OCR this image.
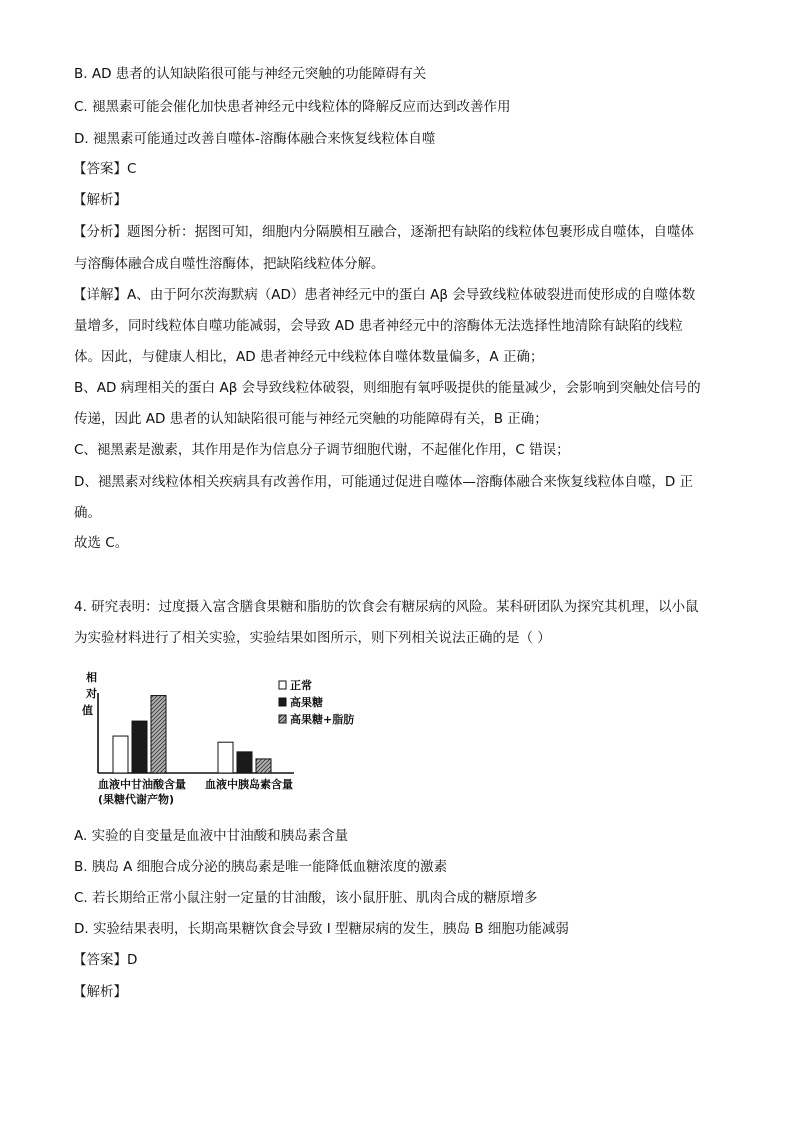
B. AD 患者的认知缺陷很可能与神经元突触的功能障碍有关
C. 褪黑素可能会催化加快患者神经元中线粒体的降解反应而达到改善作用
D. 褪黑素可能通过改善自噬体-溶酶体融合来恢复线粒体自噬
【答案】C
【解析】
【分析】题图分析：据图可知，细胞内分隔膜相互融合，逐渐把有缺陷的线粒体包裹形成自噬体，自噬体
与溶酶体融合成自噬性溶酶体，把缺陷线粒体分解。
【详解】A、由于阿尔茨海默病（AD）患者神经元中的蛋白 Aβ 会导致线粒体破裂进而使形成的自噬体数
量增多，同时线粒体自噬功能减弱，会导致 AD 患者神经元中的溶酶体无法选择性地清除有缺陷的线粒
体。因此，与健康人相比，AD 患者神经元中线粒体自噬体数量偏多，A 正确；
B、AD 病理相关的蛋白 Aβ 会导致线粒体破裂，则细胞有氧呼吸提供的能量减少，会影响到突触处信号的
传递，因此 AD 患者的认知缺陷很可能与神经元突触的功能障碍有关，B 正确；
C、褪黑素是激素，其作用是作为信息分子调节细胞代谢，不起催化作用，C 错误；
D、褪黑素对线粒体相关疾病具有改善作用，可能通过促进自噬体—溶酶体融合来恢复线粒体自噬，D 正
确。
故选 C。
4. 研究表明：过度摄入富含膳食果糖和脂肪的饮食会有糖尿病的风险。某科研团队为探究其机理，以小鼠
为实验材料进行了相关实验，实验结果如图所示，则下列相关说法正确的是（ ）
相
对
值
血液中甘油酸含量 血液中胰岛素含量
(果糖代谢产物)
正常
高果糖
高果糖+脂肪
A. 实验的自变量是血液中甘油酸和胰岛素含量
B. 胰岛 A 细胞合成分泌的胰岛素是唯一能降低血糖浓度的激素
C. 若长期给正常小鼠注射一定量的甘油酸，该小鼠肝脏、肌肉合成的糖原增多
D. 实验结果表明，长期高果糖饮食会导致 I 型糖尿病的发生，胰岛 B 细胞功能减弱
【答案】D
【解析】
